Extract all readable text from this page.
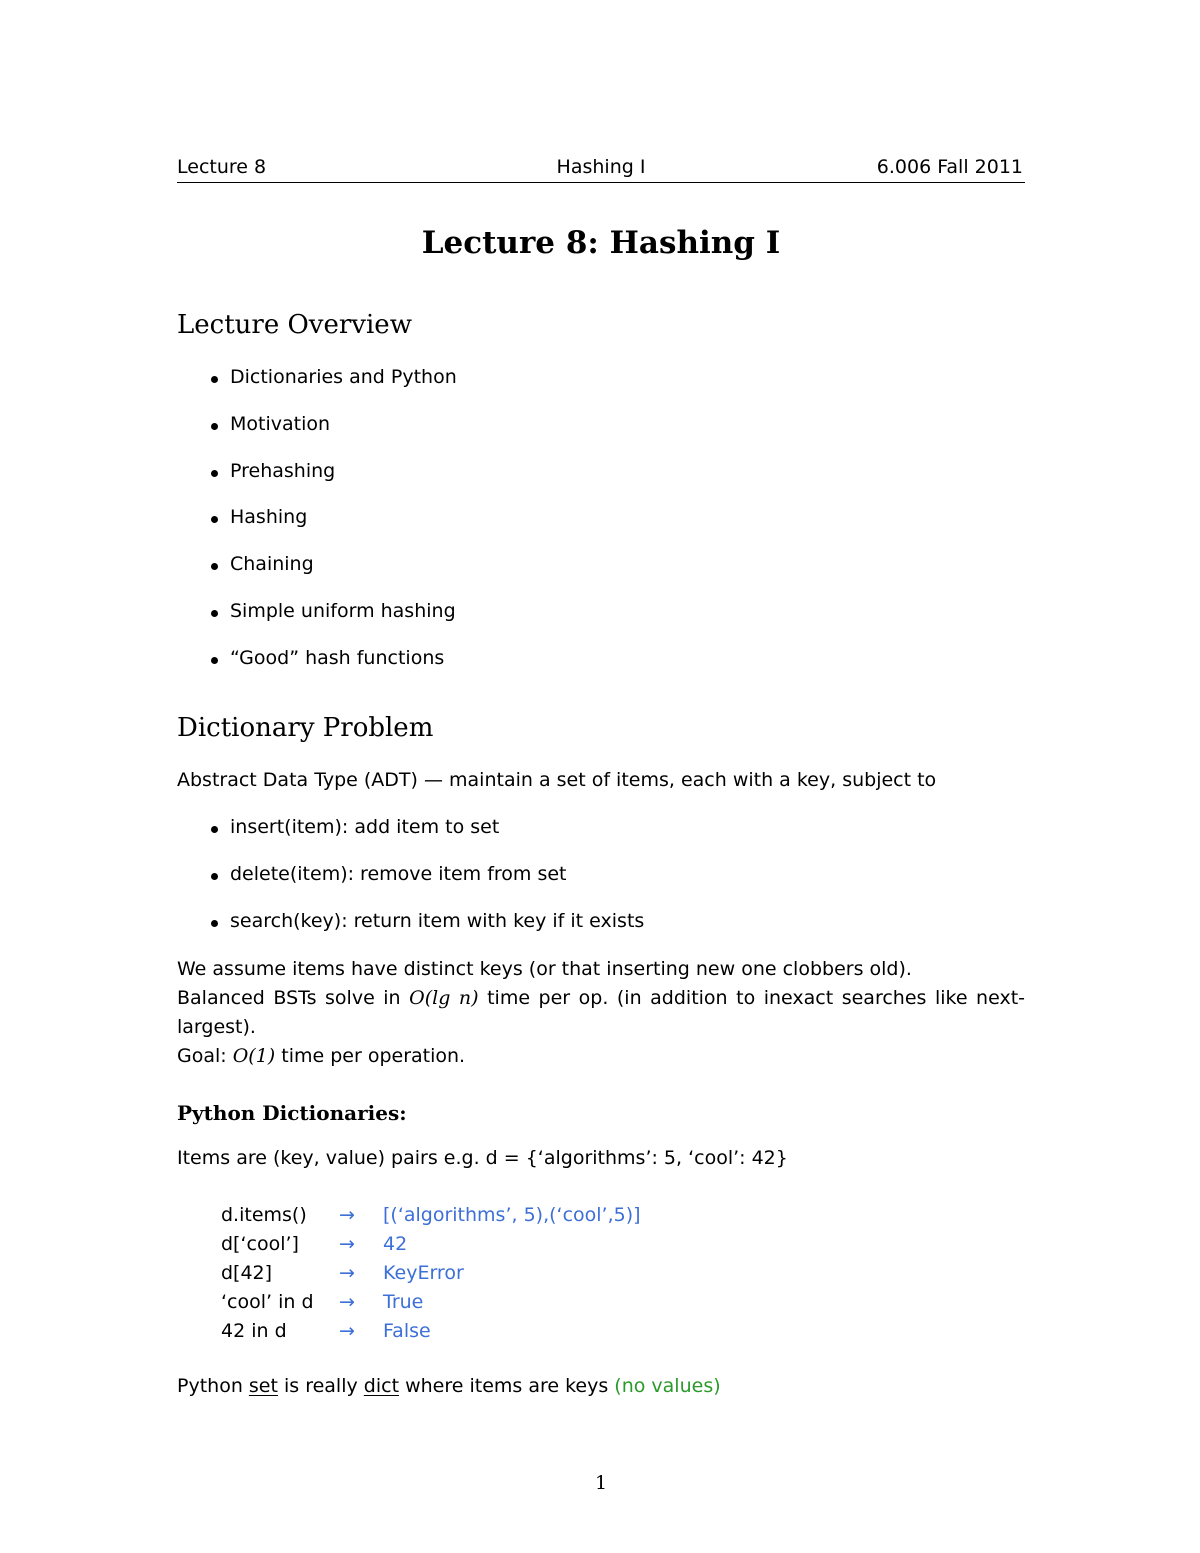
Lecture 8	Hashing I	6.006 Fall 2011
Lecture 8: Hashing I
Lecture Overview
Dictionaries and Python
Motivation
Prehashing
Hashing
Chaining
Simple uniform hashing
“Good” hash functions
Dictionary Problem
Abstract Data Type (ADT) — maintain a set of items, each with a key, subject to
insert(item): add item to set
delete(item): remove item from set
search(key): return item with key if it exists

We assume items have distinct keys (or that inserting new one clobbers old).

Balanced BSTs solve in O(lg n) time per op. (in addition to inexact searches like next-largest).

Goal: O(1) time per operation.

Python Dictionaries:
Items are (key, value) pairs e.g. d = {‘algorithms’: 5, ‘cool’: 42}
d.items()	→	[(‘algorithms’, 5),(‘cool’,5)]
d[‘cool’]	→	42
d[42]	→	KeyError
‘cool’ in d	→	True
42 in d	→	False
Python set is really dict where items are keys (no values)
1
